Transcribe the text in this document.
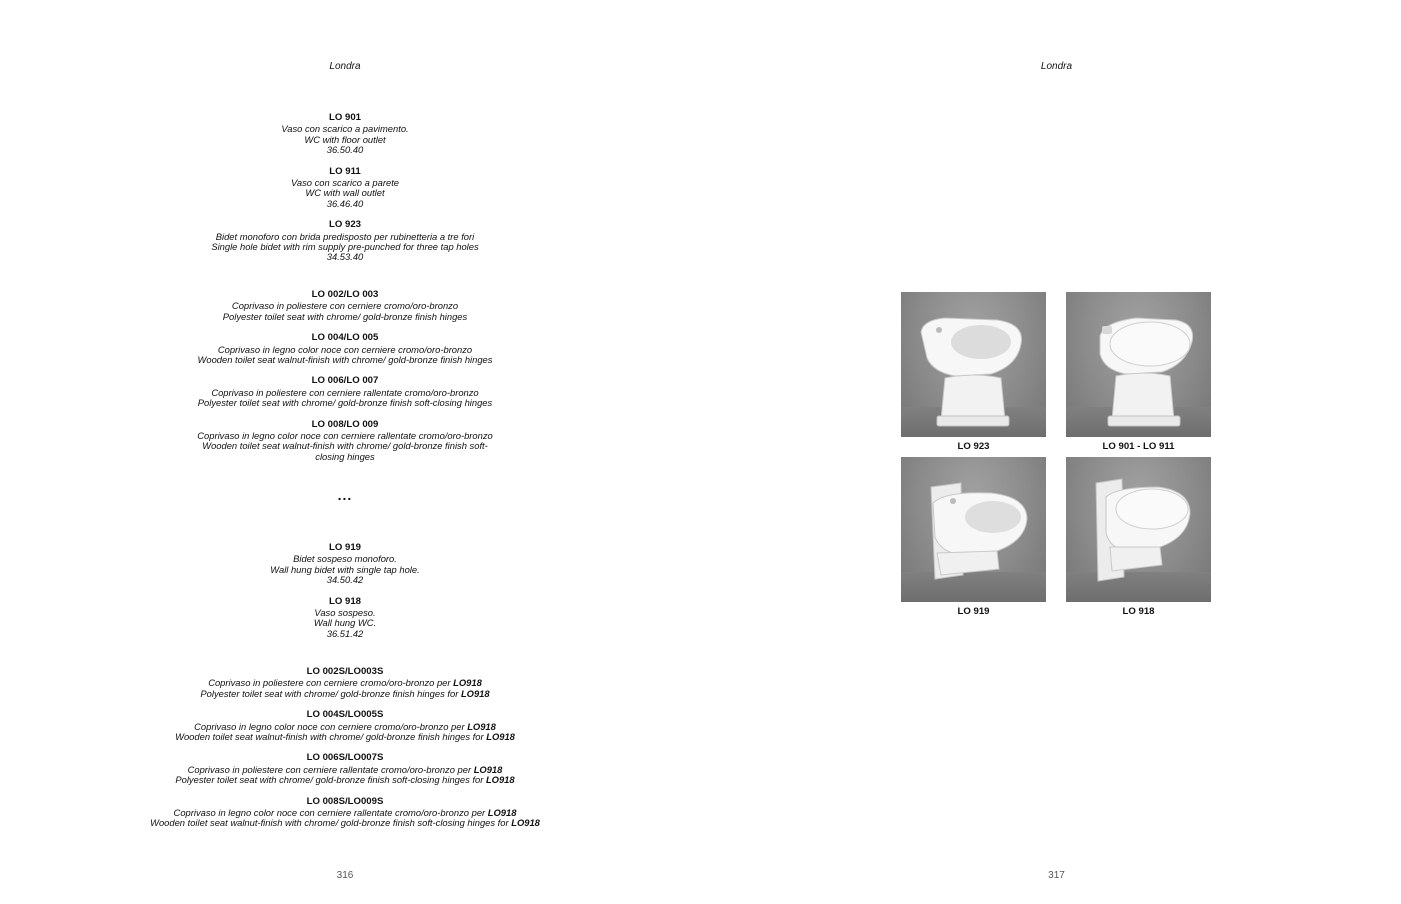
Londra
LO 901
Vaso con scarico a pavimento.
WC with floor outlet
36.50.40
LO 911
Vaso con scarico a parete
WC with wall outlet
36.46.40
LO 923
Bidet monoforo con brida predisposto per rubinetteria a tre fori
Single hole bidet with rim supply pre-punched for three tap holes
34.53.40
LO 002/LO 003
Coprivaso in poliestere con cerniere cromo/oro-bronzo
Polyester toilet seat with chrome/ gold-bronze finish hinges
LO 004/LO 005
Coprivaso in legno color noce con cerniere cromo/oro-bronzo
Wooden toilet seat walnut-finish with chrome/ gold-bronze finish hinges
LO 006/LO 007
Coprivaso in poliestere con cerniere rallentate cromo/oro-bronzo
Polyester toilet seat with chrome/ gold-bronze finish soft-closing hinges
LO 008/LO 009
Coprivaso in legno color noce con cerniere rallentate cromo/oro-bronzo
Wooden toilet seat walnut-finish with chrome/ gold-bronze finish soft-
closing hinges
...
LO 919
Bidet sospeso monoforo.
Wall hung bidet with single tap hole.
34.50.42
LO 918
Vaso sospeso.
Wall hung WC.
36.51.42
LO 002S/LO003S
Coprivaso in poliestere con cerniere cromo/oro-bronzo per LO918
Polyester toilet seat with chrome/ gold-bronze finish hinges for LO918
LO 004S/LO005S
Coprivaso in legno color noce con cerniere cromo/oro-bronzo per LO918
Wooden toilet seat walnut-finish with chrome/ gold-bronze finish hinges for LO918
LO 006S/LO007S
Coprivaso in poliestere con cerniere rallentate cromo/oro-bronzo per LO918
Polyester toilet seat with chrome/ gold-bronze finish soft-closing hinges for LO918
LO 008S/LO009S
Coprivaso in legno color noce con cerniere rallentate cromo/oro-bronzo per LO918
Wooden toilet seat walnut-finish with chrome/ gold-bronze finish soft-closing hinges for LO918
316
Londra
LO 923	LO 901 - LO 911
LO 919	LO 918
317
